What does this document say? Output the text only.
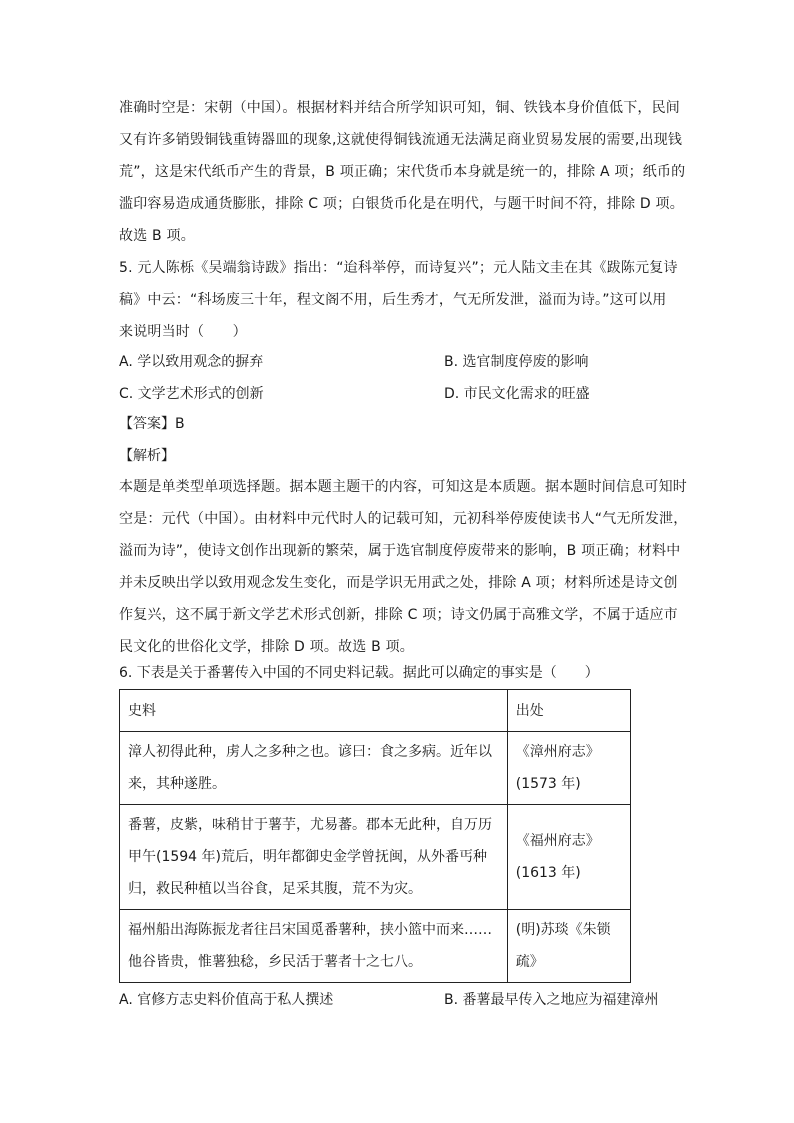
准确时空是：宋朝（中国）。根据材料并结合所学知识可知，铜、铁钱本身价值低下，民间
又有许多销毁铜钱重铸器皿的现象,这就使得铜钱流通无法满足商业贸易发展的需要,出现钱
荒”，这是宋代纸币产生的背景，B 项正确；宋代货币本身就是统一的，排除 A 项；纸币的
滥印容易造成通货膨胀，排除 C 项；白银货币化是在明代，与题干时间不符，排除 D 项。
故选 B 项。
5. 元人陈栎《吴端翁诗跋》指出：“迨科举停，而诗复兴”；元人陆文圭在其《跋陈元复诗
稿》中云：“科场废三十年，程文阁不用，后生秀才，气无所发泄，溢而为诗。”这可以用
来说明当时（　　）
A. 学以致用观念的摒弃	B. 选官制度停废的影响
C. 文学艺术形式的创新	D. 市民文化需求的旺盛
【答案】B
【解析】
本题是单类型单项选择题。据本题主题干的内容，可知这是本质题。据本题时间信息可知时
空是：元代（中国）。由材料中元代时人的记载可知，元初科举停废使读书人“气无所发泄，
溢而为诗”，使诗文创作出现新的繁荣，属于选官制度停废带来的影响，B 项正确；材料中
并未反映出学以致用观念发生变化，而是学识无用武之处，排除 A 项；材料所述是诗文创
作复兴，这不属于新文学艺术形式创新，排除 C 项；诗文仍属于高雅文学，不属于适应市
民文化的世俗化文学，排除 D 项。故选 B 项。
6. 下表是关于番薯传入中国的不同史料记载。据此可以确定的事实是（　　）
史料	出处

漳人初得此种，虏人之多种之也。谚曰：食之多病。近年以
来，其种遂胜。	《漳州府志》
(1573 年)

番薯，皮紫，味稍甘于薯芋，尤易蕃。郡本无此种，自万历
甲午(1594 年)荒后，明年都御史金学曾抚闽，从外番丐种
归，救民种植以当谷食，足采其腹，荒不为灾。	《福州府志》
(1613 年)

福州船出海陈振龙者往吕宋国觅番薯种，挟小篮中而来……
他谷皆贵，惟薯独稔，乡民活于薯者十之七八。	(明)苏琰《朱锁
疏》
A. 官修方志史料价值高于私人撰述	B. 番薯最早传入之地应为福建漳州
